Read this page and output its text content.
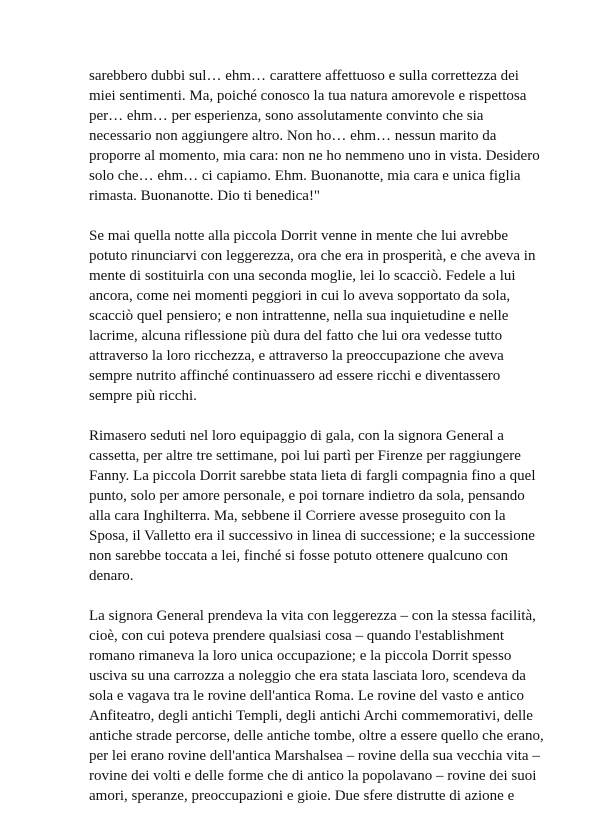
sarebbero dubbi sul… ehm… carattere affettuoso e sulla correttezza dei
miei sentimenti. Ma, poiché conosco la tua natura amorevole e rispettosa
per… ehm… per esperienza, sono assolutamente convinto che sia
necessario non aggiungere altro. Non ho… ehm… nessun marito da
proporre al momento, mia cara: non ne ho nemmeno uno in vista. Desidero
solo che… ehm… ci capiamo. Ehm. Buonanotte, mia cara e unica figlia
rimasta. Buonanotte. Dio ti benedica!"

Se mai quella notte alla piccola Dorrit venne in mente che lui avrebbe
potuto rinunciarvi con leggerezza, ora che era in prosperità, e che aveva in
mente di sostituirla con una seconda moglie, lei lo scacciò. Fedele a lui
ancora, come nei momenti peggiori in cui lo aveva sopportato da sola,
scacciò quel pensiero; e non intrattenne, nella sua inquietudine e nelle
lacrime, alcuna riflessione più dura del fatto che lui ora vedesse tutto
attraverso la loro ricchezza, e attraverso la preoccupazione che aveva
sempre nutrito affinché continuassero ad essere ricchi e diventassero
sempre più ricchi.

Rimasero seduti nel loro equipaggio di gala, con la signora General a
cassetta, per altre tre settimane, poi lui partì per Firenze per raggiungere
Fanny. La piccola Dorrit sarebbe stata lieta di fargli compagnia fino a quel
punto, solo per amore personale, e poi tornare indietro da sola, pensando
alla cara Inghilterra. Ma, sebbene il Corriere avesse proseguito con la
Sposa, il Valletto era il successivo in linea di successione; e la successione
non sarebbe toccata a lei, finché si fosse potuto ottenere qualcuno con
denaro.

La signora General prendeva la vita con leggerezza – con la stessa facilità,
cioè, con cui poteva prendere qualsiasi cosa – quando l'establishment
romano rimaneva la loro unica occupazione; e la piccola Dorrit spesso
usciva su una carrozza a noleggio che era stata lasciata loro, scendeva da
sola e vagava tra le rovine dell'antica Roma. Le rovine del vasto e antico
Anfiteatro, degli antichi Templi, degli antichi Archi commemorativi, delle
antiche strade percorse, delle antiche tombe, oltre a essere quello che erano,
per lei erano rovine dell'antica Marshalsea – rovine della sua vecchia vita –
rovine dei volti e delle forme che di antico la popolavano – rovine dei suoi
amori, speranze, preoccupazioni e gioie. Due sfere distrutte di azione e
